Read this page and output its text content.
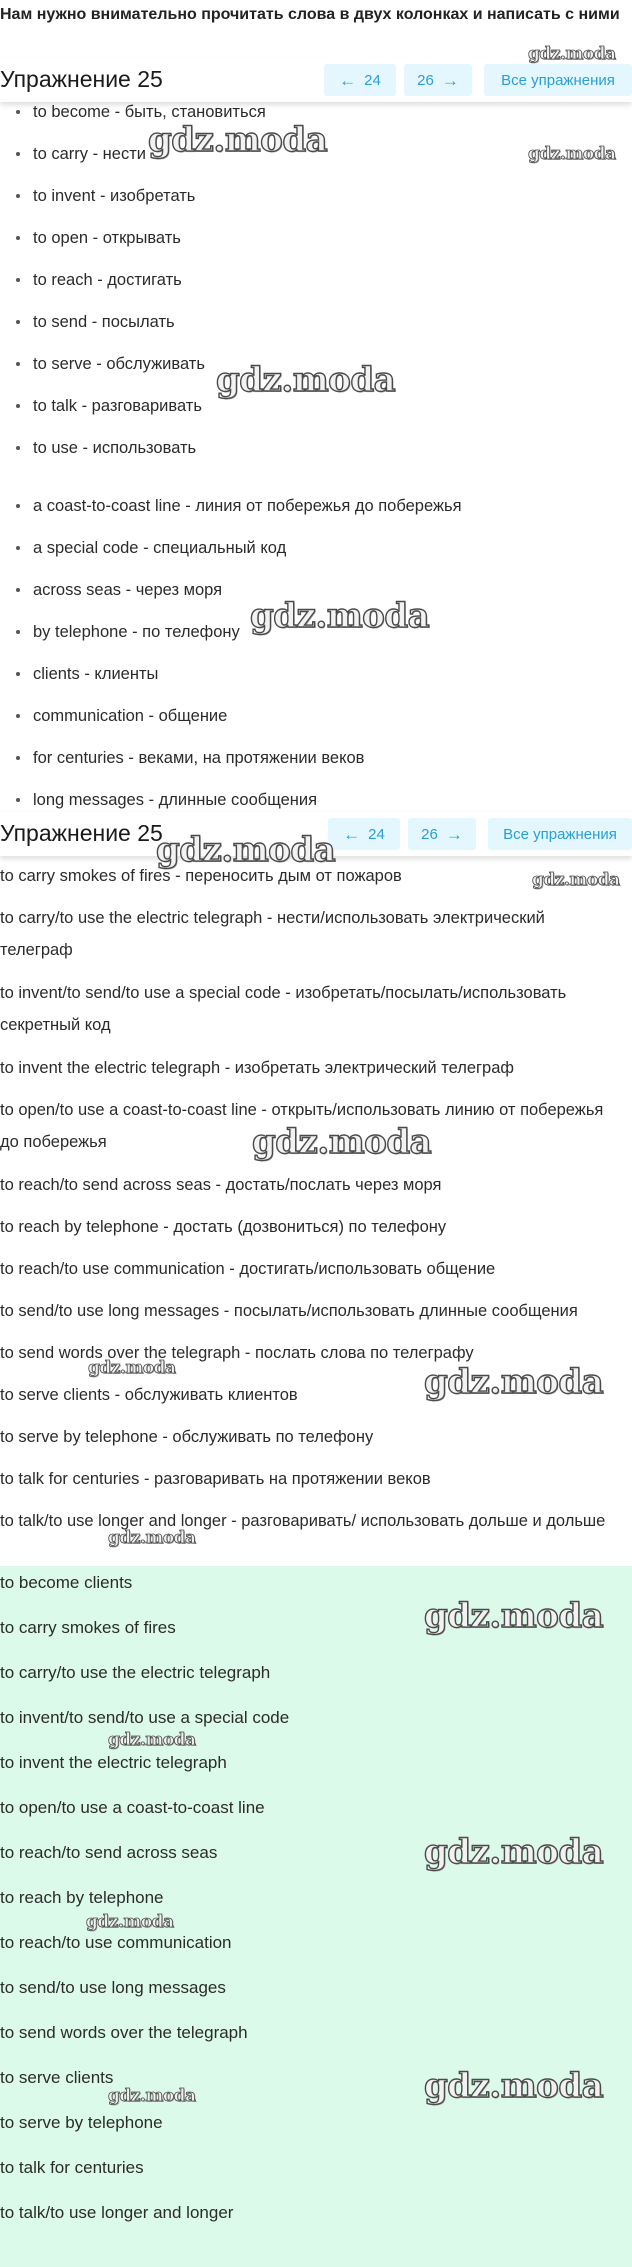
Нам нужно внимательно прочитать слова в двух колонках и написать с ними
Упражнение 25	← 24 26 →	Все упражнения
to become - быть, становиться
to carry - нести
to invent - изобретать
to open - открывать
to reach - достигать
to send - посылать
to serve - обслуживать
to talk - разговаривать
to use - использовать
a coast-to-coast line - линия от побережья до побережья
a special code - специальный код
across seas - через моря
by telephone - по телефону
clients - клиенты
communication - общение
for centuries - веками, на протяжении веков
long messages - длинные сообщения
Упражнение 25	← 24 26 →	Все упражнения
to carry smokes of fires - переносить дым от пожаров
to carry/to use the electric telegraph - нести/использовать электрический телеграф
to invent/to send/to use a special code - изобретать/посылать/использовать секретный код
to invent the electric telegraph - изобретать электрический телеграф
to open/to use a coast-to-coast line - открыть/использовать линию от побережья до побережья
to reach/to send across seas - достать/послать через моря
to reach by telephone - достать (дозвониться) по телефону
to reach/to use communication - достигать/использовать общение
to send/to use long messages - посылать/использовать длинные сообщения
to send words over the telegraph - послать слова по телеграфу
to serve clients - обслуживать клиентов
to serve by telephone - обслуживать по телефону
to talk for centuries - разговаривать на протяжении веков
to talk/to use longer and longer - разговаривать/ использовать дольше и дольше
to become clients
to carry smokes of fires
to carry/to use the electric telegraph
to invent/to send/to use a special code
to invent the electric telegraph
to open/to use a coast-to-coast line
to reach/to send across seas
to reach by telephone
to reach/to use communication
to send/to use long messages
to send words over the telegraph
to serve clients
to serve by telephone
to talk for centuries
to talk/to use longer and longer
gdz.moda
gdz.moda	gdz.moda
gdz.moda
gdz.moda
gdz.moda
gdz.moda
gdz.moda
gdz.moda	gdz.moda
gdz.moda
gdz.moda
gdz.moda
gdz.moda
gdz.moda
gdz.moda
gdz.moda
